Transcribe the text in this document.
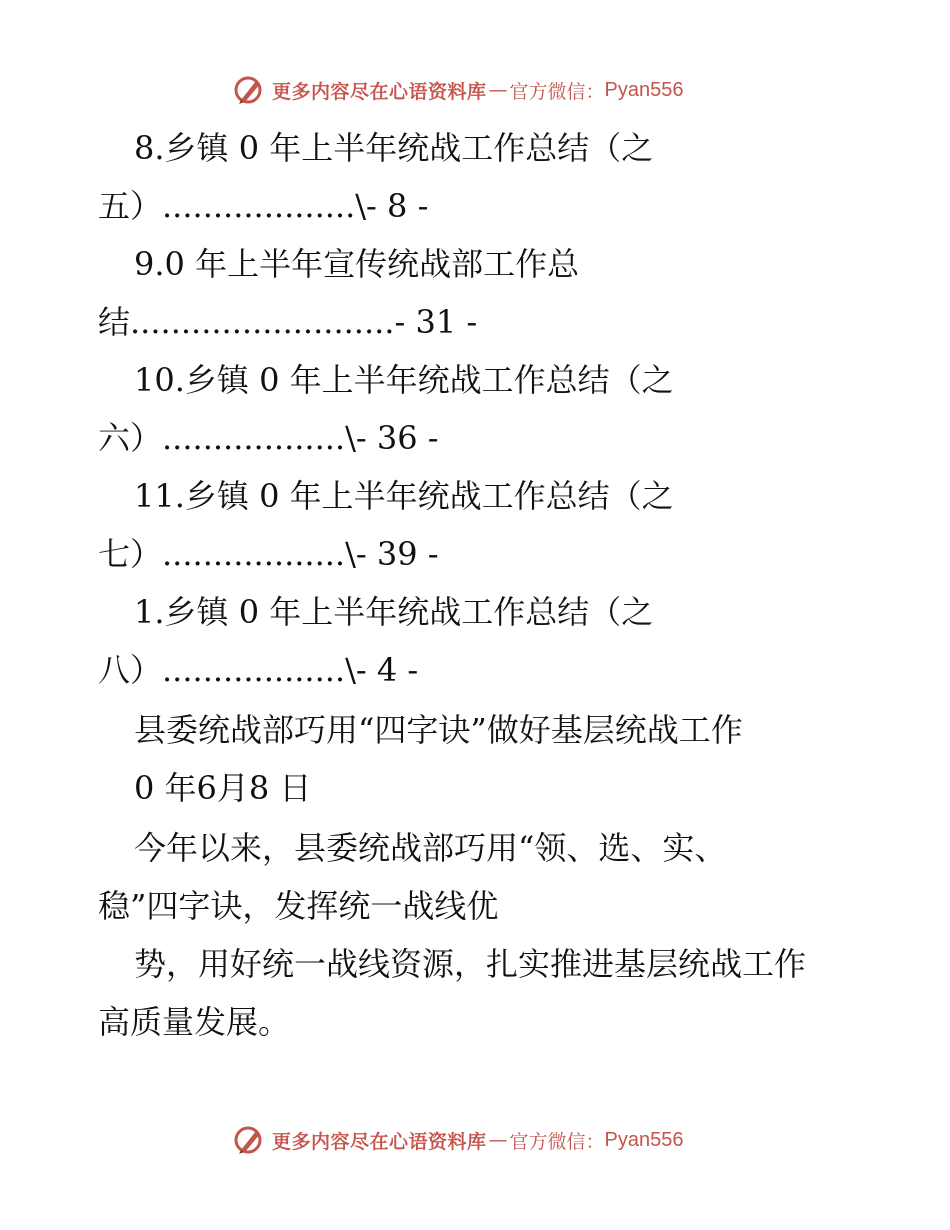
更多内容尽在心语资料库 — 官方微信： Pyan556
8.乡镇 0 年上半年统战工作总结（之
五）...................\- 8 -
9.0 年上半年宣传统战部工作总
结..........................- 31 -
10.乡镇 0 年上半年统战工作总结（之
六）..................\- 36 -
11.乡镇 0 年上半年统战工作总结（之
七）..................\- 39 -
1.乡镇 0 年上半年统战工作总结（之
八）..................\- 4 -
县委统战部巧用“四字诀”做好基层统战工作
0 年6月8 日
今年以来，县委统战部巧用“领、选、实、
稳”四字诀，发挥统一战线优
势，用好统一战线资源，扎实推进基层统战工作
高质量发展。
更多内容尽在心语资料库 — 官方微信： Pyan556
